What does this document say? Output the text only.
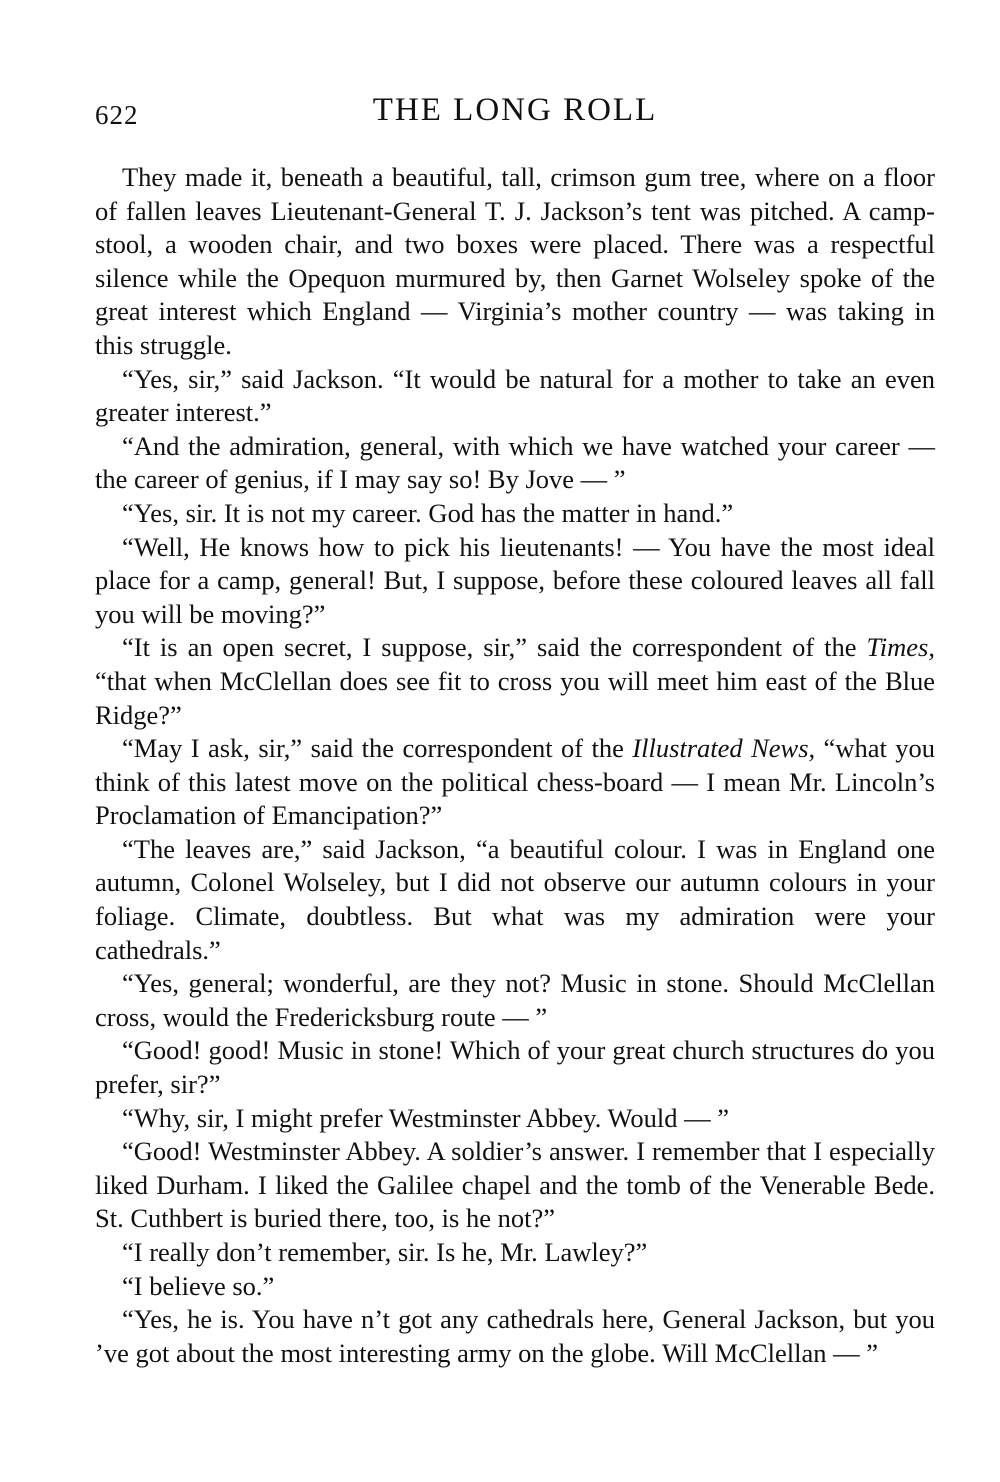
622	THE LONG ROLL

They made it, beneath a beautiful, tall, crimson gum tree, where on a floor of fallen leaves Lieutenant-General T. J. Jackson’s tent was pitched. A camp-stool, a wooden chair, and two boxes were placed. There was a respectful silence while the Opequon murmured by, then Garnet Wolseley spoke of the great interest which England — Virginia’s mother country — was taking in this struggle.

“Yes, sir,” said Jackson. “It would be natural for a mother to take an even greater interest.”

“And the admiration, general, with which we have watched your career — the career of genius, if I may say so! By Jove — ”

“Yes, sir. It is not my career. God has the matter in hand.”

“Well, He knows how to pick his lieutenants! — You have the most ideal place for a camp, general! But, I suppose, before these coloured leaves all fall you will be moving?”

“It is an open secret, I suppose, sir,” said the correspondent of the Times, “that when McClellan does see fit to cross you will meet him east of the Blue Ridge?”

“May I ask, sir,” said the correspondent of the Illustrated News, “what you think of this latest move on the political chess-board — I mean Mr. Lincoln’s Proclamation of Emancipation?”

“The leaves are,” said Jackson, “a beautiful colour. I was in England one autumn, Colonel Wolseley, but I did not observe our autumn colours in your foliage. Climate, doubtless. But what was my admiration were your cathedrals.”

“Yes, general; wonderful, are they not? Music in stone. Should McClellan cross, would the Fredericksburg route — ”

“Good! good! Music in stone! Which of your great church structures do you prefer, sir?”

“Why, sir, I might prefer Westminster Abbey. Would — ”

“Good! Westminster Abbey. A soldier’s answer. I remember that I especially liked Durham. I liked the Galilee chapel and the tomb of the Venerable Bede. St. Cuthbert is buried there, too, is he not?”

“I really don’t remember, sir. Is he, Mr. Lawley?”

“I believe so.”

“Yes, he is. You have n’t got any cathedrals here, General Jackson, but you ’ve got about the most interesting army on the globe. Will McClellan — ”
